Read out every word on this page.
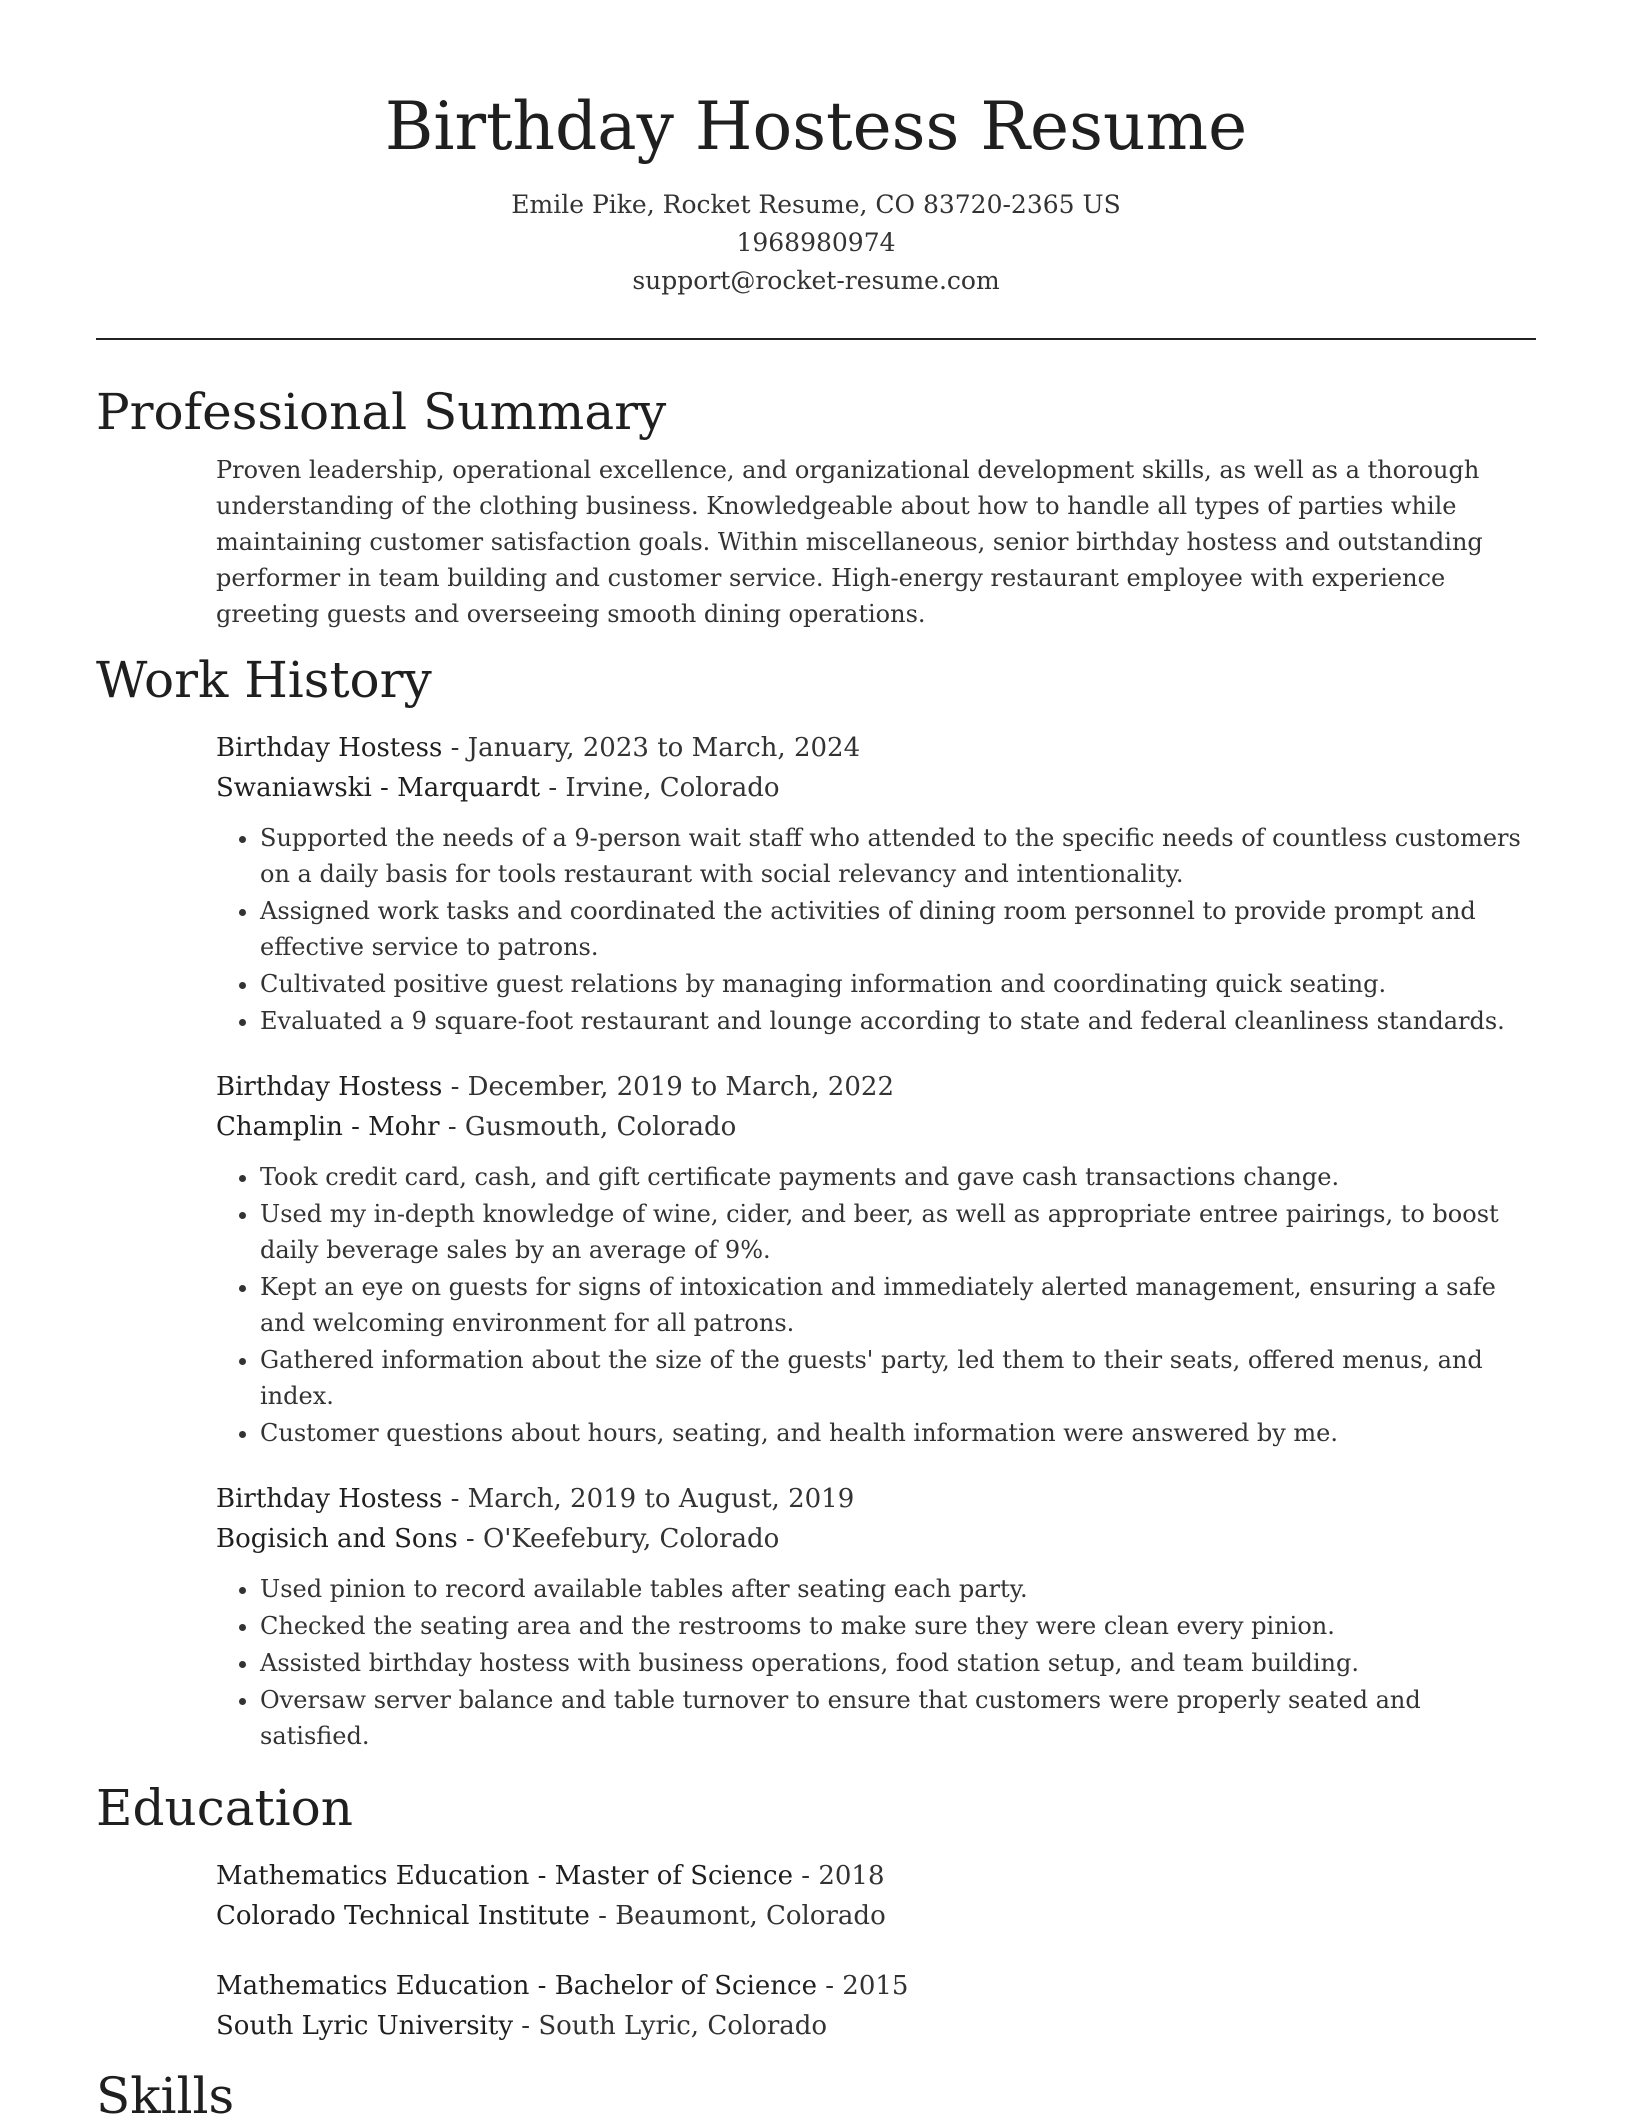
Birthday Hostess Resume
Emile Pike, Rocket Resume, CO 83720-2365 US
1968980974
support@rocket-resume.com
Professional Summary
Proven leadership, operational excellence, and organizational development skills, as well as a thorough understanding of the clothing business. Knowledgeable about how to handle all types of parties while maintaining customer satisfaction goals. Within miscellaneous, senior birthday hostess and outstanding performer in team building and customer service. High-energy restaurant employee with experience greeting guests and overseeing smooth dining operations.
Work History
Birthday Hostess - January, 2023 to March, 2024
Swaniawski - Marquardt - Irvine, Colorado
• Supported the needs of a 9-person wait staff who attended to the specific needs of countless customers on a daily basis for tools restaurant with social relevancy and intentionality.
• Assigned work tasks and coordinated the activities of dining room personnel to provide prompt and effective service to patrons.
• Cultivated positive guest relations by managing information and coordinating quick seating.
• Evaluated a 9 square-foot restaurant and lounge according to state and federal cleanliness standards.
Birthday Hostess - December, 2019 to March, 2022
Champlin - Mohr - Gusmouth, Colorado
• Took credit card, cash, and gift certificate payments and gave cash transactions change.
• Used my in-depth knowledge of wine, cider, and beer, as well as appropriate entree pairings, to boost daily beverage sales by an average of 9%.
• Kept an eye on guests for signs of intoxication and immediately alerted management, ensuring a safe and welcoming environment for all patrons.
• Gathered information about the size of the guests' party, led them to their seats, offered menus, and index.
• Customer questions about hours, seating, and health information were answered by me.
Birthday Hostess - March, 2019 to August, 2019
Bogisich and Sons - O'Keefebury, Colorado
• Used pinion to record available tables after seating each party.
• Checked the seating area and the restrooms to make sure they were clean every pinion.
• Assisted birthday hostess with business operations, food station setup, and team building.
• Oversaw server balance and table turnover to ensure that customers were properly seated and satisfied.
Education
Mathematics Education - Master of Science - 2018
Colorado Technical Institute - Beaumont, Colorado
Mathematics Education - Bachelor of Science - 2015
South Lyric University - South Lyric, Colorado
Skills
